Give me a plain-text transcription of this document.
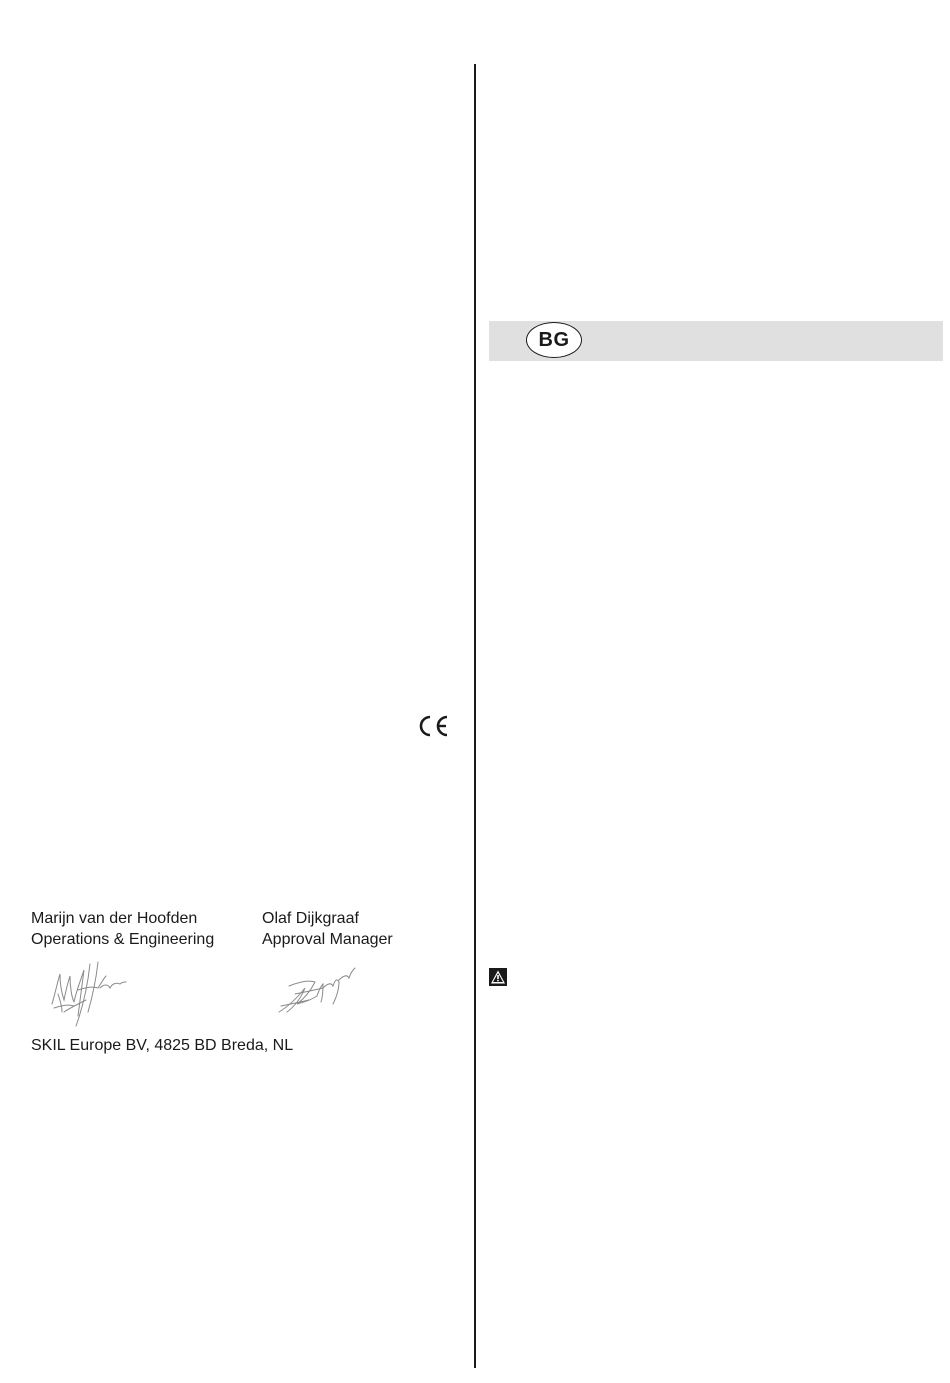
Marijn van der Hoofden
Operations & Engineering
Olaf Dijkgraaf
Approval Manager
SKIL Europe BV, 4825 BD Breda, NL
BG
